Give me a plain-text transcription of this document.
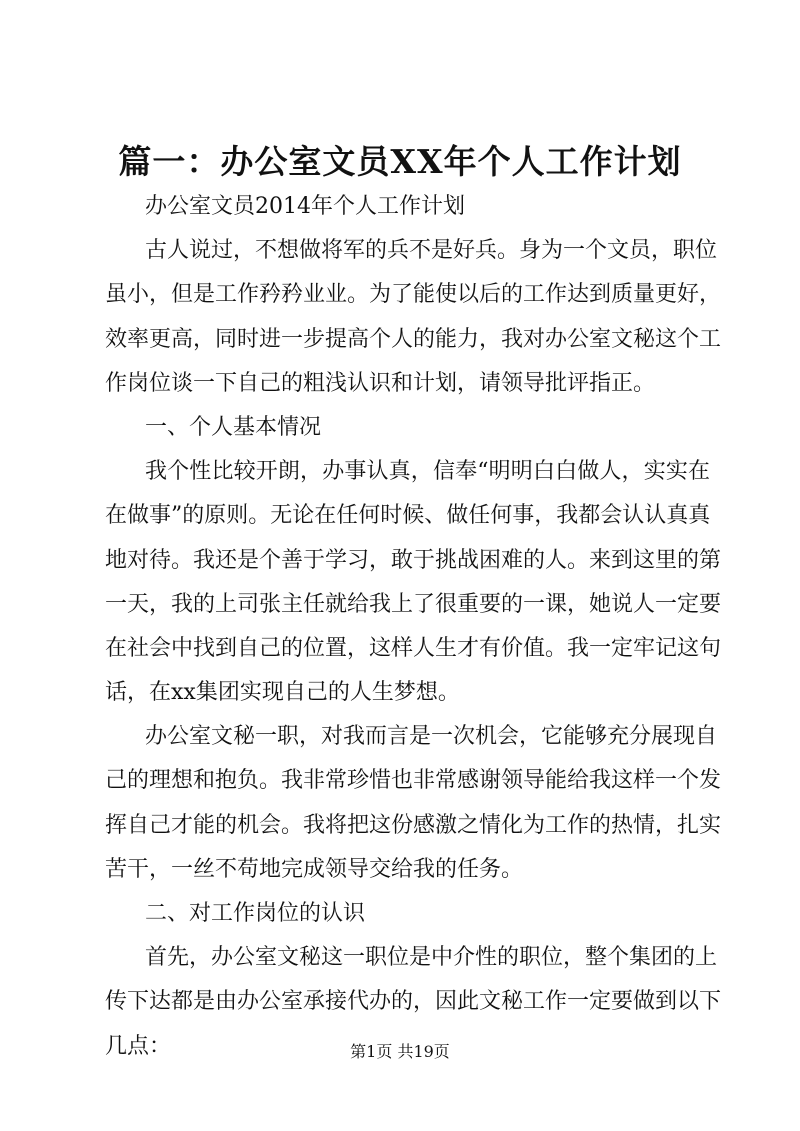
篇一：办公室文员XX年个人工作计划
办公室文员2014年个人工作计划
古人说过，不想做将军的兵不是好兵。身为一个文员，职位
虽小，但是工作矜矜业业。为了能使以后的工作达到质量更好，
效率更高，同时进一步提高个人的能力，我对办公室文秘这个工
作岗位谈一下自己的粗浅认识和计划，请领导批评指正。
一、个人基本情况
我个性比较开朗，办事认真，信奉“明明白白做人，实实在
在做事”的原则。无论在任何时候、做任何事，我都会认认真真
地对待。我还是个善于学习，敢于挑战困难的人。来到这里的第
一天，我的上司张主任就给我上了很重要的一课，她说人一定要
在社会中找到自己的位置，这样人生才有价值。我一定牢记这句
话，在xx集团实现自己的人生梦想。
办公室文秘一职，对我而言是一次机会，它能够充分展现自
己的理想和抱负。我非常珍惜也非常感谢领导能给我这样一个发
挥自己才能的机会。我将把这份感激之情化为工作的热情，扎实
苦干，一丝不苟地完成领导交给我的任务。
二、对工作岗位的认识
首先，办公室文秘这一职位是中介性的职位，整个集团的上
传下达都是由办公室承接代办的，因此文秘工作一定要做到以下
几点：	第1页 共19页
